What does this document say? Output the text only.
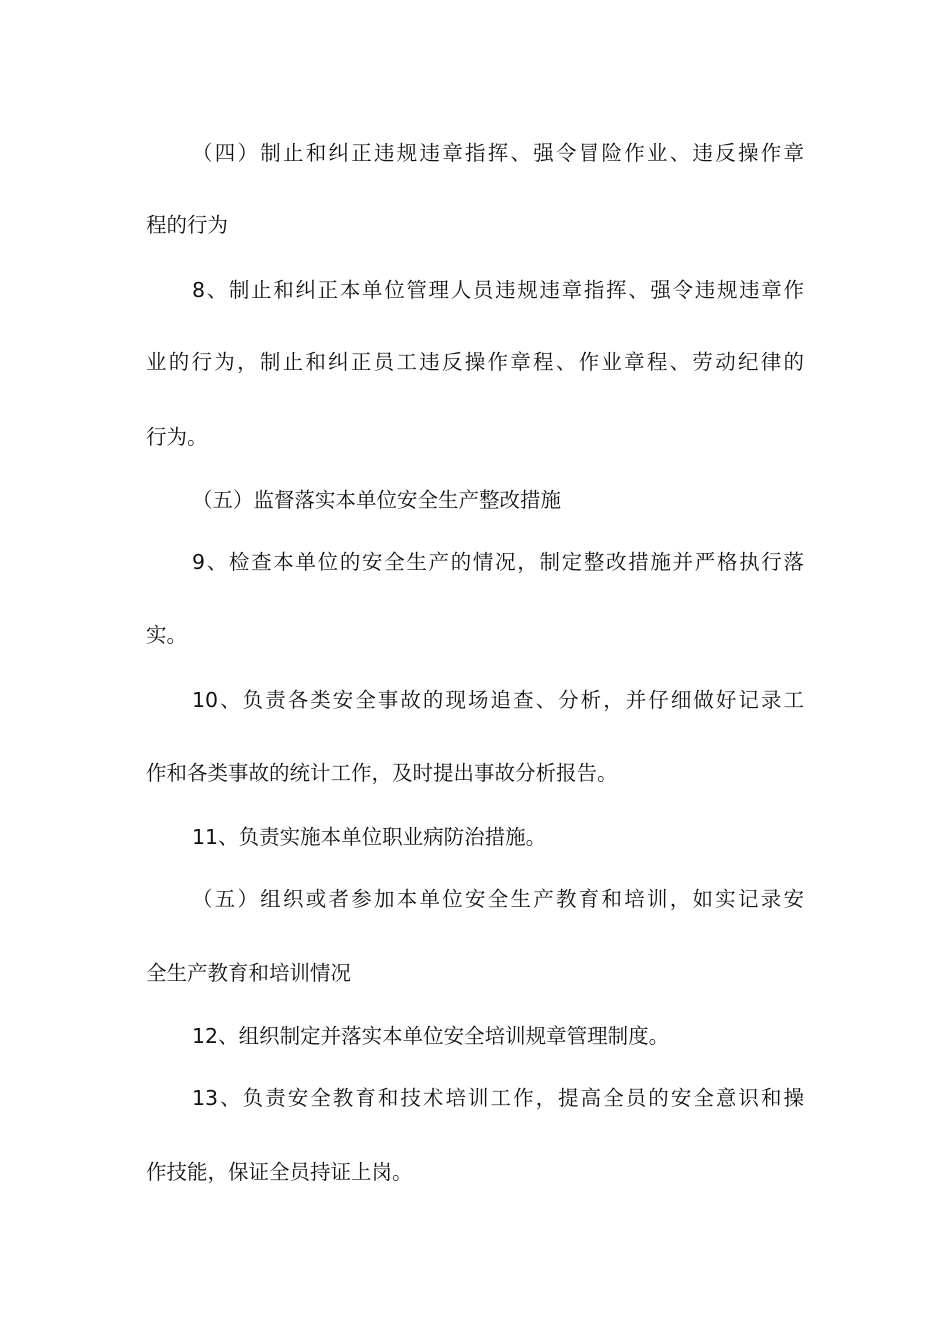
（四）制止和纠正违规违章指挥、强令冒险作业、违反操作章
程的行为
8、制止和纠正本单位管理人员违规违章指挥、强令违规违章作
业的行为，制止和纠正员工违反操作章程、作业章程、劳动纪律的
行为。
（五）监督落实本单位安全生产整改措施
9、检查本单位的安全生产的情况，制定整改措施并严格执行落
实。
10、负责各类安全事故的现场追查、分析，并仔细做好记录工
作和各类事故的统计工作，及时提出事故分析报告。
11、负责实施本单位职业病防治措施。
（五）组织或者参加本单位安全生产教育和培训，如实记录安
全生产教育和培训情况
12、组织制定并落实本单位安全培训规章管理制度。
13、负责安全教育和技术培训工作，提高全员的安全意识和操
作技能，保证全员持证上岗。
